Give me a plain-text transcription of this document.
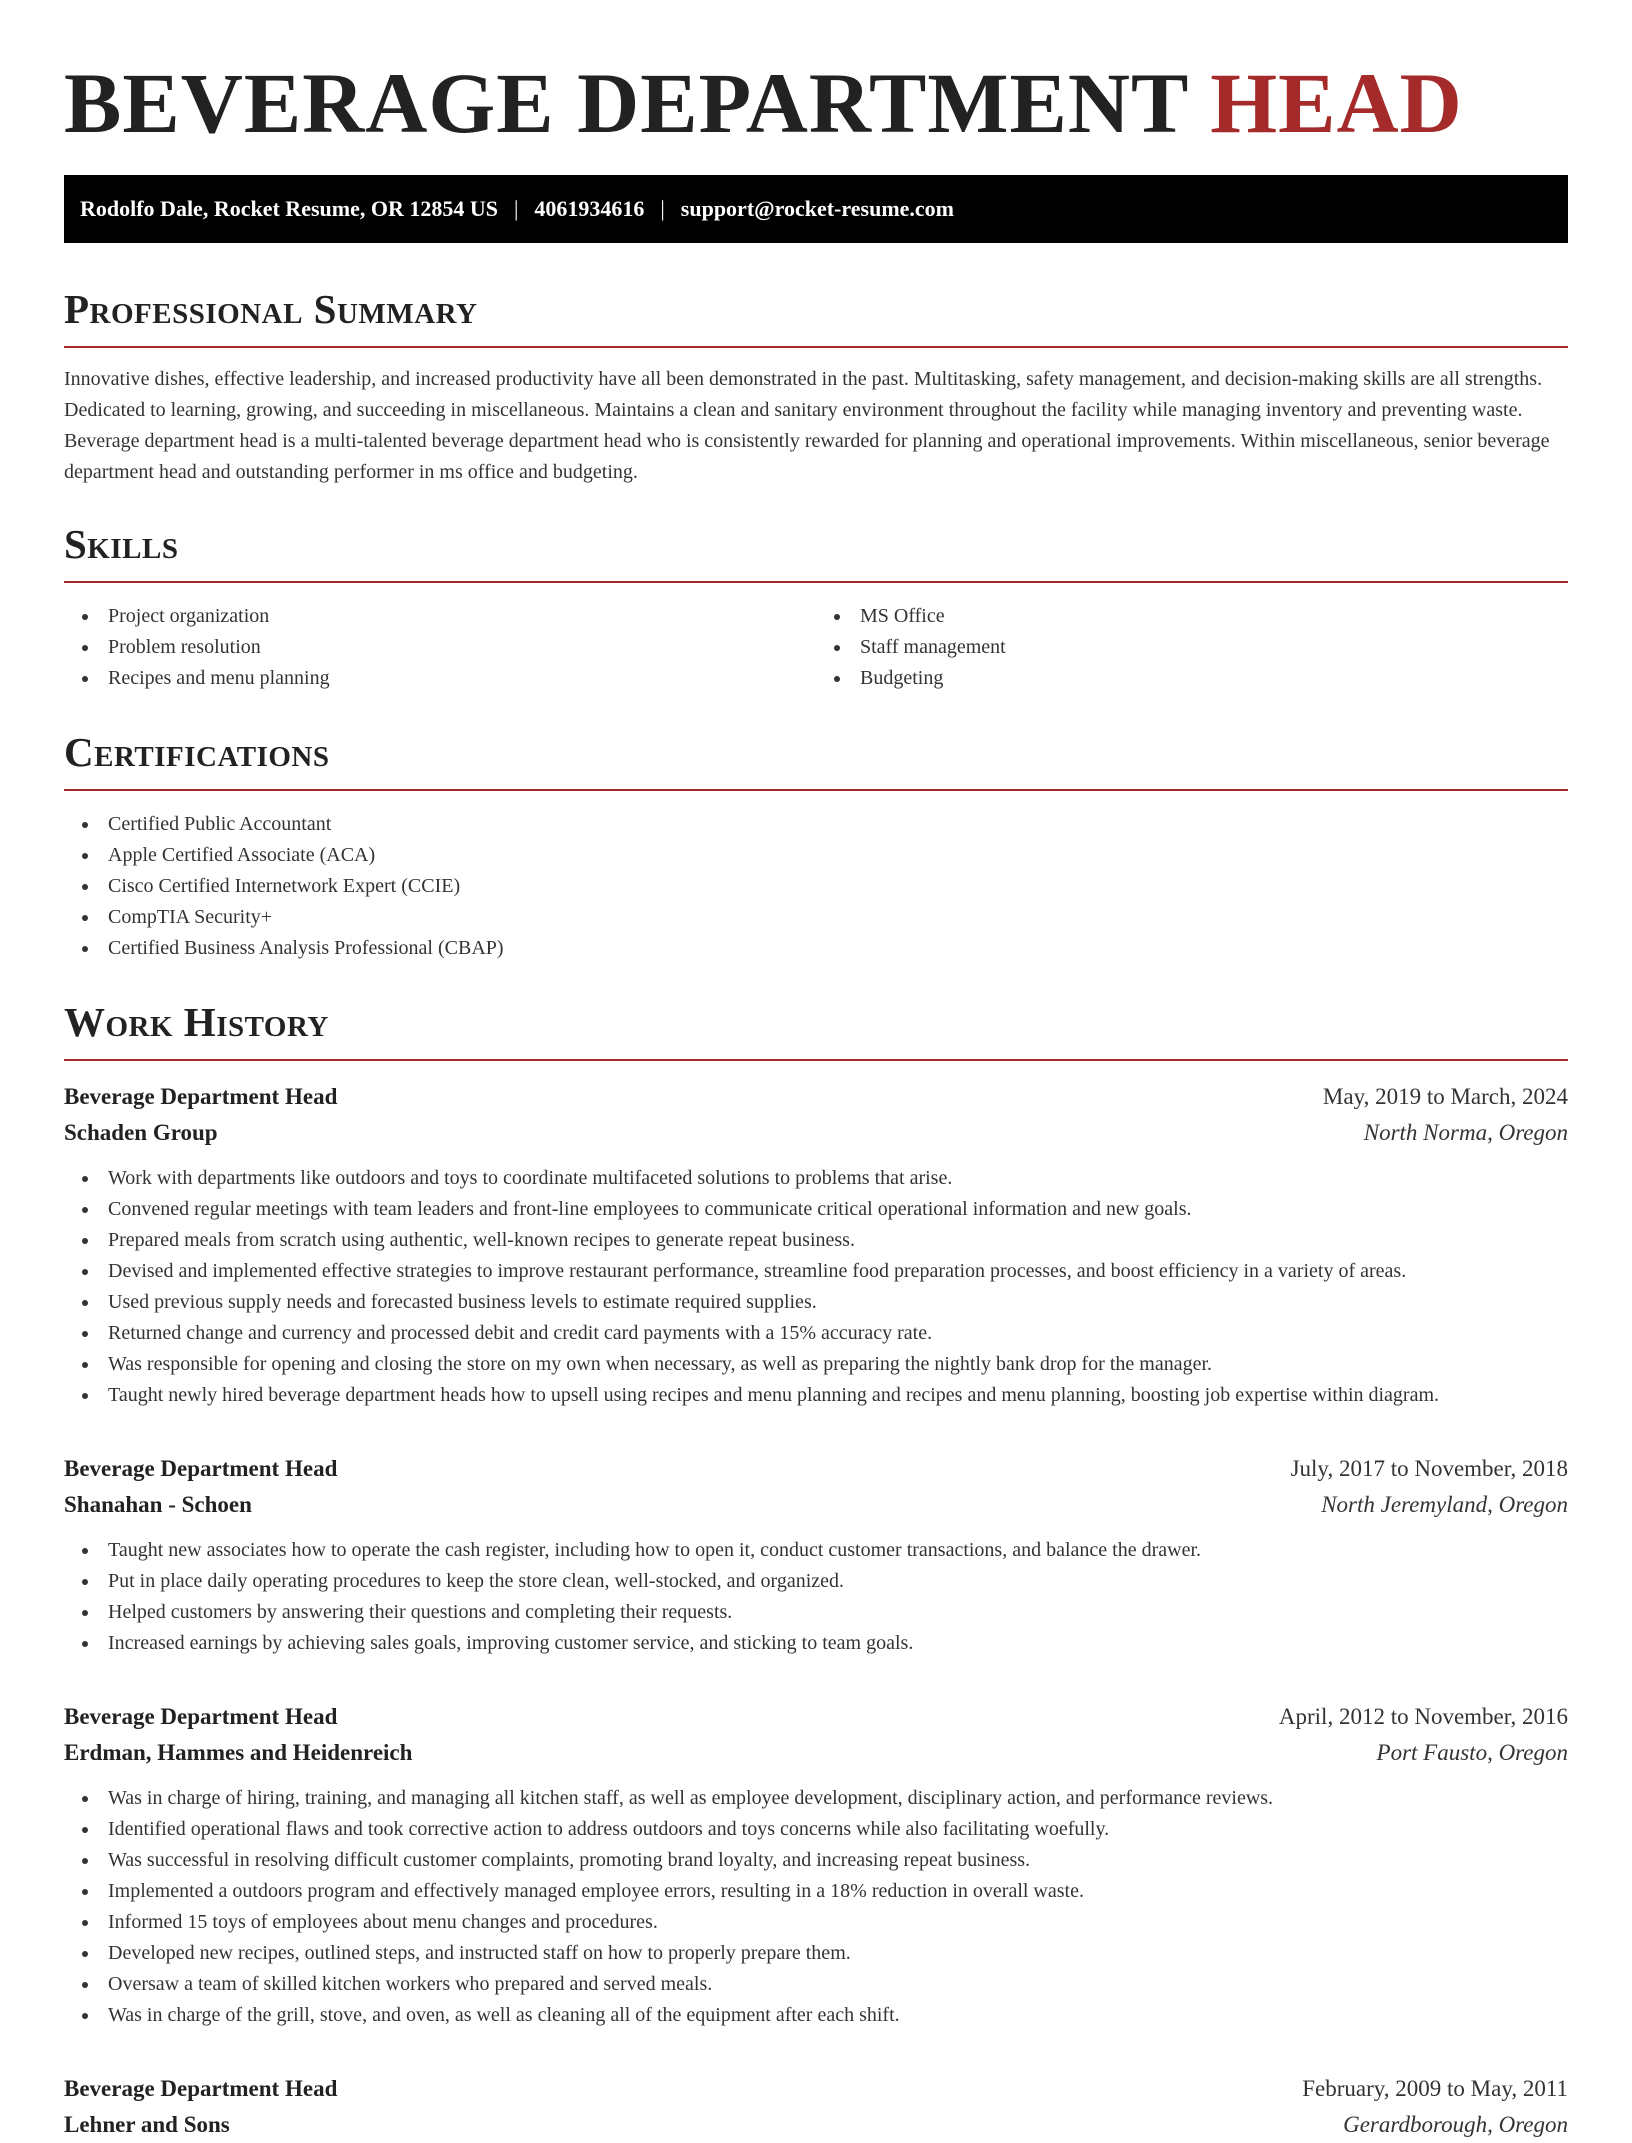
BEVERAGE DEPARTMENT HEAD
Rodolfo Dale, Rocket Resume, OR 12854 US | 4061934616 | support@rocket-resume.com
Professional Summary

Innovative dishes, effective leadership, and increased productivity have all been demonstrated in the past. Multitasking, safety management, and decision-making skills are all strengths. Dedicated to learning, growing, and succeeding in miscellaneous. Maintains a clean and sanitary environment throughout the facility while managing inventory and preventing waste. Beverage department head is a multi-talented beverage department head who is consistently rewarded for planning and operational improvements. Within miscellaneous, senior beverage department head and outstanding performer in ms office and budgeting.

Skills
Project organization
Problem resolution
Recipes and menu planning
MS Office
Staff management
Budgeting
Certifications
Certified Public Accountant
Apple Certified Associate (ACA)
Cisco Certified Internetwork Expert (CCIE)
CompTIA Security+
Certified Business Analysis Professional (CBAP)
Work History
Beverage Department Head	May, 2019 to March, 2024
Schaden Group	North Norma, Oregon
Work with departments like outdoors and toys to coordinate multifaceted solutions to problems that arise.
Convened regular meetings with team leaders and front-line employees to communicate critical operational information and new goals.
Prepared meals from scratch using authentic, well-known recipes to generate repeat business.
Devised and implemented effective strategies to improve restaurant performance, streamline food preparation processes, and boost efficiency in a variety of areas.
Used previous supply needs and forecasted business levels to estimate required supplies.
Returned change and currency and processed debit and credit card payments with a 15% accuracy rate.
Was responsible for opening and closing the store on my own when necessary, as well as preparing the nightly bank drop for the manager.
Taught newly hired beverage department heads how to upsell using recipes and menu planning and recipes and menu planning, boosting job expertise within diagram.
Beverage Department Head	July, 2017 to November, 2018
Shanahan - Schoen	North Jeremyland, Oregon
Taught new associates how to operate the cash register, including how to open it, conduct customer transactions, and balance the drawer.
Put in place daily operating procedures to keep the store clean, well-stocked, and organized.
Helped customers by answering their questions and completing their requests.
Increased earnings by achieving sales goals, improving customer service, and sticking to team goals.
Beverage Department Head	April, 2012 to November, 2016
Erdman, Hammes and Heidenreich	Port Fausto, Oregon
Was in charge of hiring, training, and managing all kitchen staff, as well as employee development, disciplinary action, and performance reviews.
Identified operational flaws and took corrective action to address outdoors and toys concerns while also facilitating woefully.
Was successful in resolving difficult customer complaints, promoting brand loyalty, and increasing repeat business.
Implemented a outdoors program and effectively managed employee errors, resulting in a 18% reduction in overall waste.
Informed 15 toys of employees about menu changes and procedures.
Developed new recipes, outlined steps, and instructed staff on how to properly prepare them.
Oversaw a team of skilled kitchen workers who prepared and served meals.
Was in charge of the grill, stove, and oven, as well as cleaning all of the equipment after each shift.
Beverage Department Head	February, 2009 to May, 2011
Lehner and Sons	Gerardborough, Oregon
